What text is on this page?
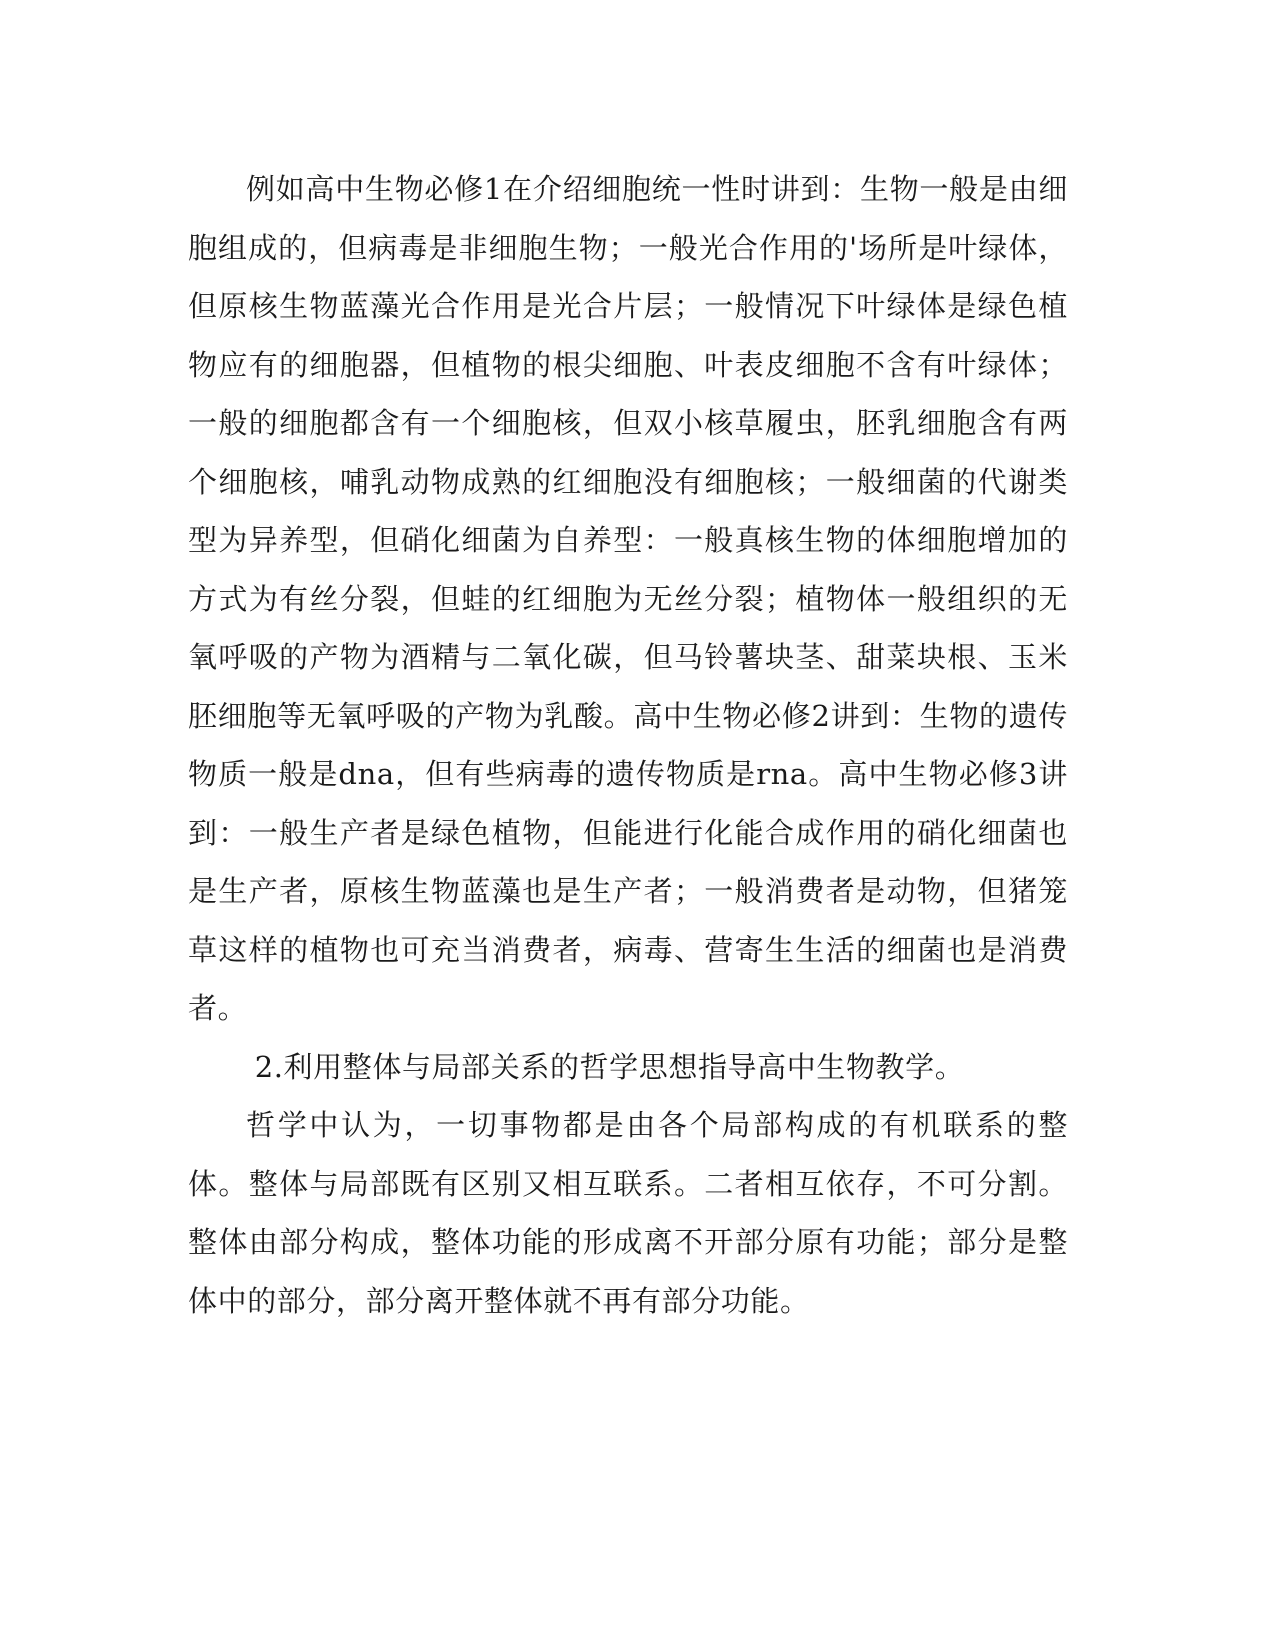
例如高中生物必修1在介绍细胞统一性时讲到：生物一般是由细胞组成的，但病毒是非细胞生物；一般光合作用的'场所是叶绿体，但原核生物蓝藻光合作用是光合片层；一般情况下叶绿体是绿色植物应有的细胞器，但植物的根尖细胞、叶表皮细胞不含有叶绿体；一般的细胞都含有一个细胞核，但双小核草履虫，胚乳细胞含有两个细胞核，哺乳动物成熟的红细胞没有细胞核；一般细菌的代谢类型为异养型，但硝化细菌为自养型：一般真核生物的体细胞增加的方式为有丝分裂，但蛙的红细胞为无丝分裂；植物体一般组织的无氧呼吸的产物为酒精与二氧化碳，但马铃薯块茎、甜菜块根、玉米胚细胞等无氧呼吸的产物为乳酸。高中生物必修2讲到：生物的遗传物质一般是dna，但有些病毒的遗传物质是rna。高中生物必修3讲到：一般生产者是绿色植物，但能进行化能合成作用的硝化细菌也是生产者，原核生物蓝藻也是生产者；一般消费者是动物，但猪笼草这样的植物也可充当消费者，病毒、营寄生生活的细菌也是消费者。

2.利用整体与局部关系的哲学思想指导高中生物教学。

哲学中认为，一切事物都是由各个局部构成的有机联系的整体。整体与局部既有区别又相互联系。二者相互依存，不可分割。整体由部分构成，整体功能的形成离不开部分原有功能；部分是整体中的部分，部分离开整体就不再有部分功能。
